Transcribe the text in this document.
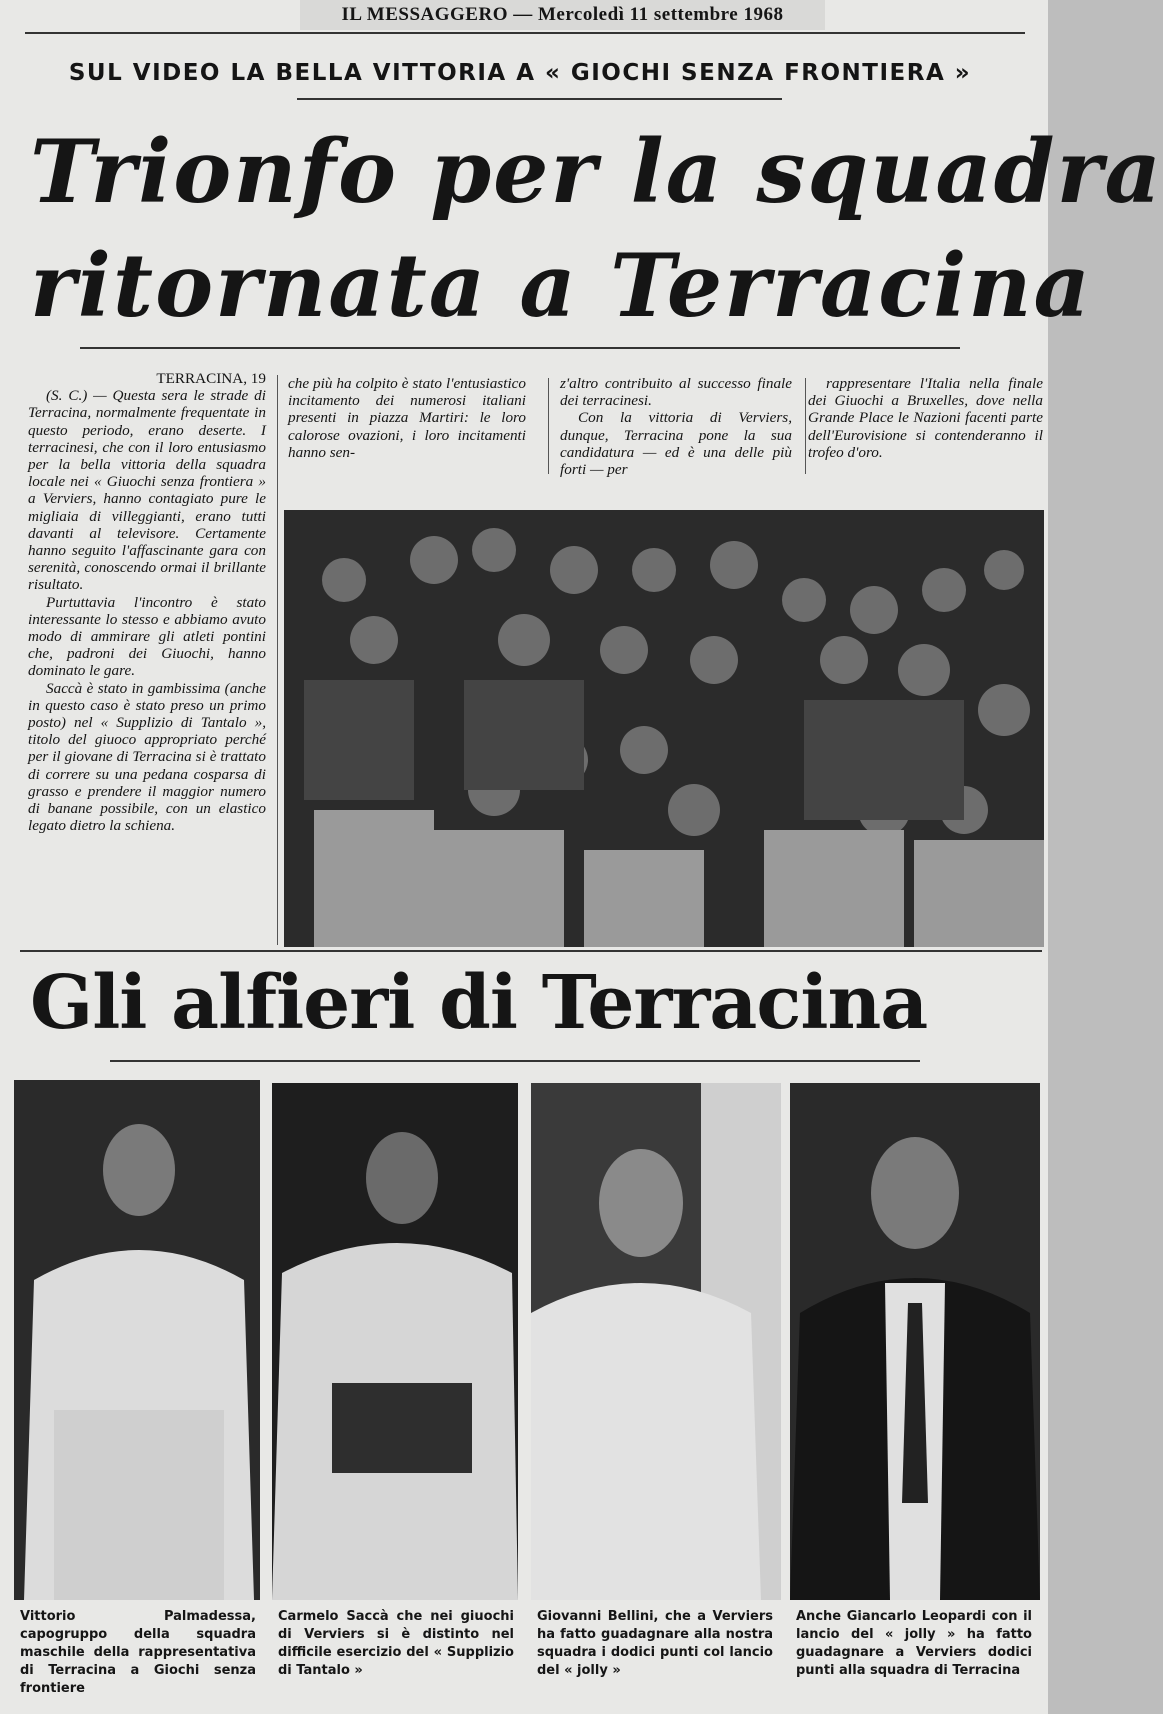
IL MESSAGGERO — Mercoledì 11 settembre 1968
SUL VIDEO LA BELLA VITTORIA A « GIOCHI SENZA FRONTIERA »
Trionfo per la squadra
ritornata a Terracina
TERRACINA, 19

(S. C.) — Questa sera le strade di Terracina, normalmente frequentate in questo periodo, erano deserte. I terracinesi, che con il loro entusiasmo per la bella vittoria della squadra locale nei « Giuochi senza frontiera » a Verviers, hanno contagiato pure le migliaia di villeggianti, erano tutti davanti al televisore. Certamente hanno seguito l'affascinante gara con serenità, conoscendo ormai il brillante risultato.

Purtuttavia l'incontro è stato interessante lo stesso e abbiamo avuto modo di ammirare gli atleti pontini che, padroni dei Giuochi, hanno dominato le gare.

Saccà è stato in gambissima (anche in questo caso è stato preso un primo posto) nel « Supplizio di Tantalo », titolo del giuoco appropriato perché per il giovane di Terracina si è trattato di correre su una pedana cosparsa di grasso e prendere il maggior numero di banane possibile, con un elastico legato dietro la schiena.

che più ha colpito è stato l'entusiastico incitamento dei numerosi italiani presenti in piazza Martiri: le loro calorose ovazioni, i loro incitamenti hanno sen-

z'altro contribuito al successo finale dei terracinesi.

Con la vittoria di Verviers, dunque, Terracina pone la sua candidatura — ed è una delle più forti — per

rappresentare l'Italia nella finale dei Giuochi a Bruxelles, dove nella Grande Place le Nazioni facenti parte dell'Eurovisione si contenderanno il trofeo d'oro.

Gli alfieri di Terracina
Vittorio Palmadessa, capogruppo della squadra maschile della rappresentativa di Terracina a Giochi senza frontiere
Carmelo Saccà che nei giuochi di Verviers si è distinto nel difficile esercizio del « Supplizio di Tantalo »
Giovanni Bellini, che a Verviers ha fatto guadagnare alla nostra squadra i dodici punti col lancio del « jolly »
Anche Giancarlo Leopardi con il lancio del « jolly » ha fatto guadagnare a Verviers dodici punti alla squadra di Terracina
